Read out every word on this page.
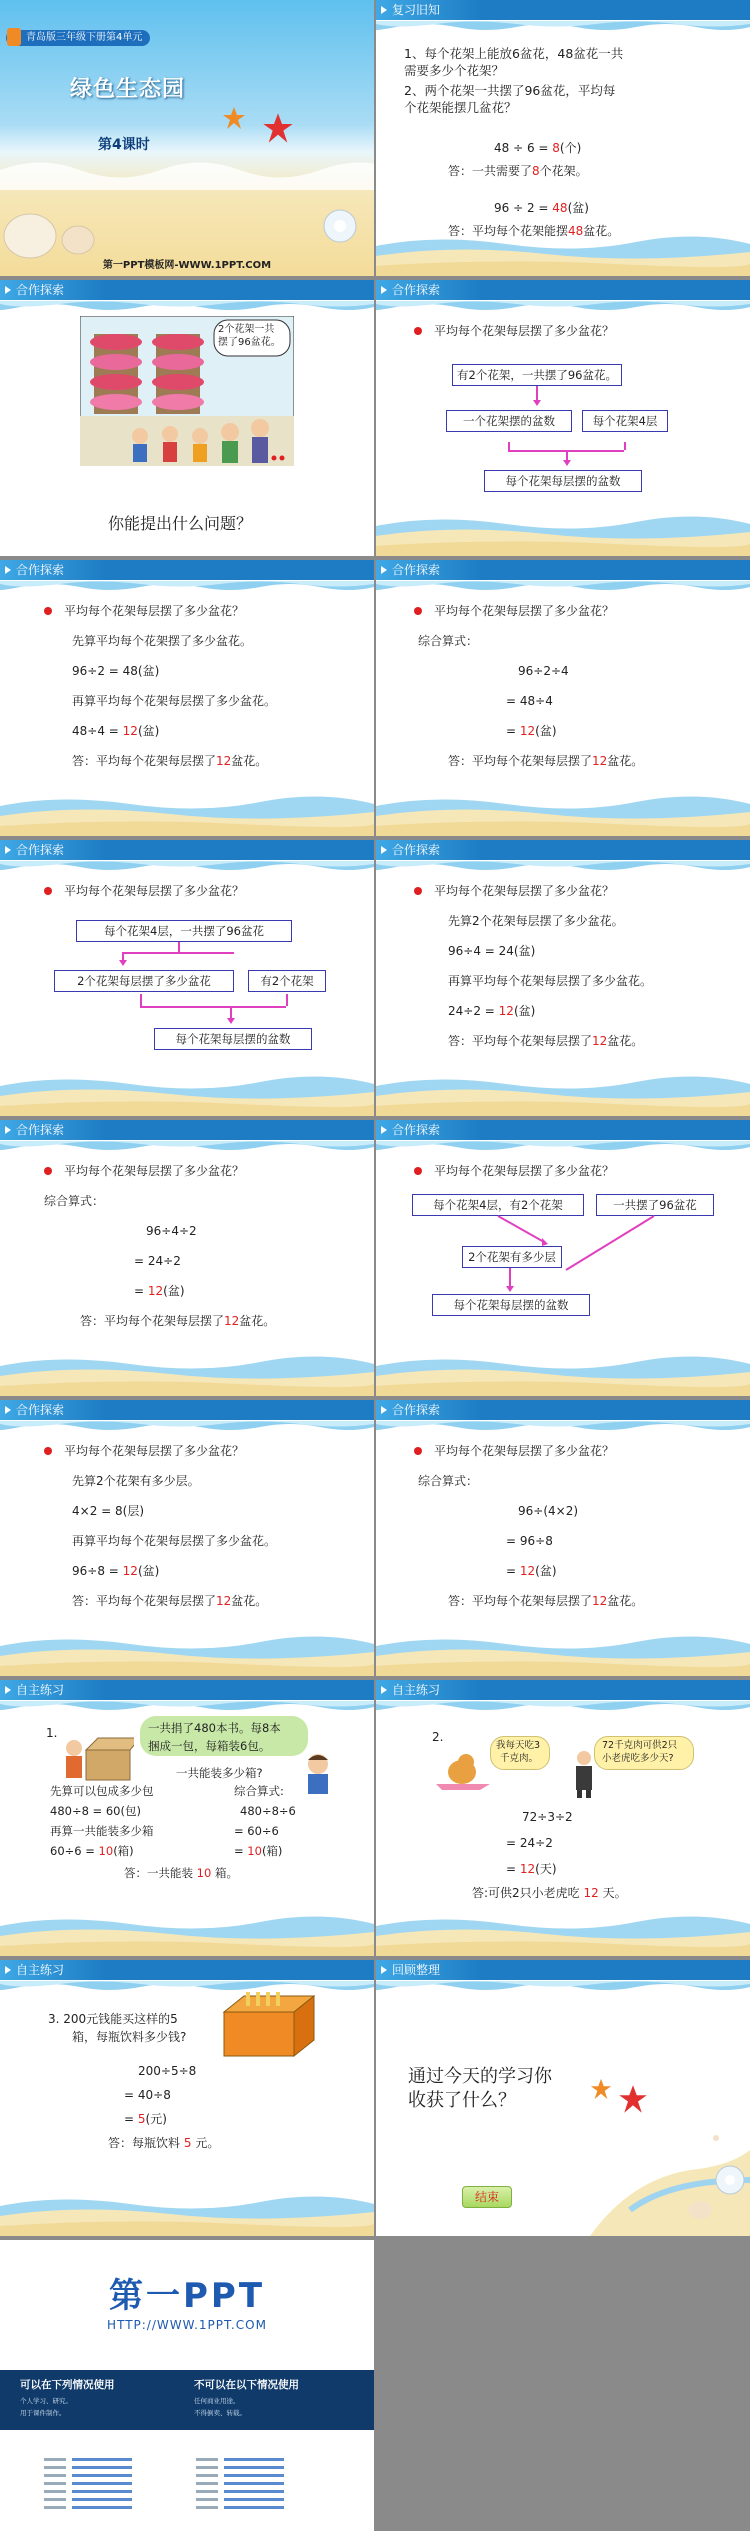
青岛版三年级下册第4单元
绿色生态园
第4课时
第一PPT模板网-WWW.1PPT.COM
复习旧知
1、每个花架上能放6盆花，48盆花一共
需要多少个花架？
2、两个花架一共摆了96盆花，平均每
个花架能摆几盆花？
48 ÷ 6 = 8(个)
答：一共需要了8个花架。
96 ÷ 2 = 48(盆)
答：平均每个花架能摆48盆花。
合作探索
2个花架一共
摆了96盆花。
你能提出什么问题？
合作探索
平均每个花架每层摆了多少盆花？
有2个花架，一共摆了96盆花。
一个花架摆的盆数	每个花架4层
每个花架每层摆的盆数
合作探索
平均每个花架每层摆了多少盆花？
先算平均每个花架摆了多少盆花。
96÷2 = 48(盆)
再算平均每个花架每层摆了多少盆花。
48÷4 = 12(盆)
答：平均每个花架每层摆了12盆花。
合作探索
平均每个花架每层摆了多少盆花？
综合算式：
96÷2÷4
= 48÷4
= 12(盆)
答：平均每个花架每层摆了12盆花。
合作探索
平均每个花架每层摆了多少盆花？
每个花架4层，一共摆了96盆花
2个花架每层摆了多少盆花	有2个花架
每个花架每层摆的盆数
合作探索
平均每个花架每层摆了多少盆花？
先算2个花架每层摆了多少盆花。
96÷4 = 24(盆)
再算平均每个花架每层摆了多少盆花。
24÷2 = 12(盆)
答：平均每个花架每层摆了12盆花。
合作探索
平均每个花架每层摆了多少盆花？
综合算式：
96÷4÷2
= 24÷2
= 12(盆)
答：平均每个花架每层摆了12盆花。
合作探索
平均每个花架每层摆了多少盆花？
每个花架4层，有2个花架	一共摆了96盆花
2个花架有多少层
每个花架每层摆的盆数
合作探索
平均每个花架每层摆了多少盆花？
先算2个花架有多少层。
4×2 = 8(层)
再算平均每个花架每层摆了多少盆花。
96÷8 = 12(盆)
答：平均每个花架每层摆了12盆花。
合作探索
平均每个花架每层摆了多少盆花？
综合算式：
96÷(4×2)
= 96÷8
= 12(盆)
答：平均每个花架每层摆了12盆花。
自主练习
1.	一共捐了480本书。每8本
捆成一包，每箱装6包。
一共能装多少箱?
先算可以包成多少包
480÷8 = 60(包)
再算一共能装多少箱
60÷6 = 10(箱)
综合算式:
480÷8÷6
= 60÷6
= 10(箱)
答：一共能装 10 箱。
自主练习
2.
我每天吃3
千克肉。
72千克肉可供2只
小老虎吃多少天?
72÷3÷2
= 24÷2
= 12(天)
答:可供2只小老虎吃 12 天。
自主练习
3. 200元钱能买这样的5
箱，每瓶饮料多少钱?
200÷5÷8
= 40÷8
= 5(元)
答：每瓶饮料 5 元。
回顾整理
通过今天的学习你
收获了什么？
结束
第一PPT
HTTP://WWW.1PPT.COM
可以在下列情况使用
个人学习、研究。
用于课件制作。
不可以在以下情况使用
任何商业用途。
不得倒卖、转载。
